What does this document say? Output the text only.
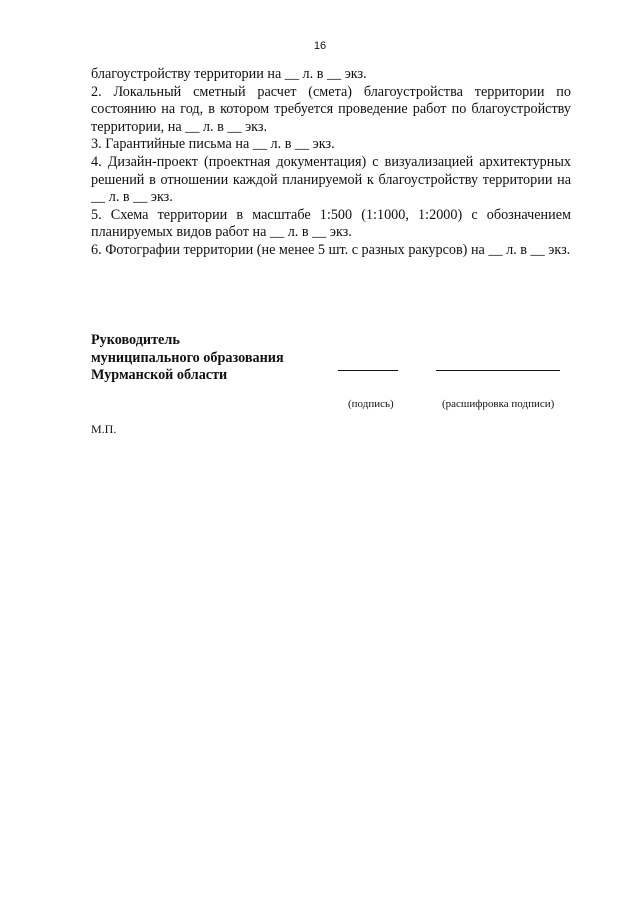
16

благоустройству территории на __ л. в __ экз.

2. Локальный сметный расчет (смета) благоустройства территории по состоянию на год, в котором требуется проведение работ по благоустройству территории, на __ л. в __ экз.

3. Гарантийные письма на __ л. в __ экз.

4. Дизайн-проект (проектная документация) с визуализацией архитектурных решений в отношении каждой планируемой к благоустройству территории на __ л. в __ экз.

5. Схема территории в масштабе 1:500 (1:1000, 1:2000) с обозначением планируемых видов работ на __ л. в __ экз.

6. Фотографии территории (не менее 5 шт. с разных ракурсов) на __ л. в __ экз.

Руководитель
муниципального образования
Мурманской области
(подпись)	(расшифровка подписи)
М.П.
